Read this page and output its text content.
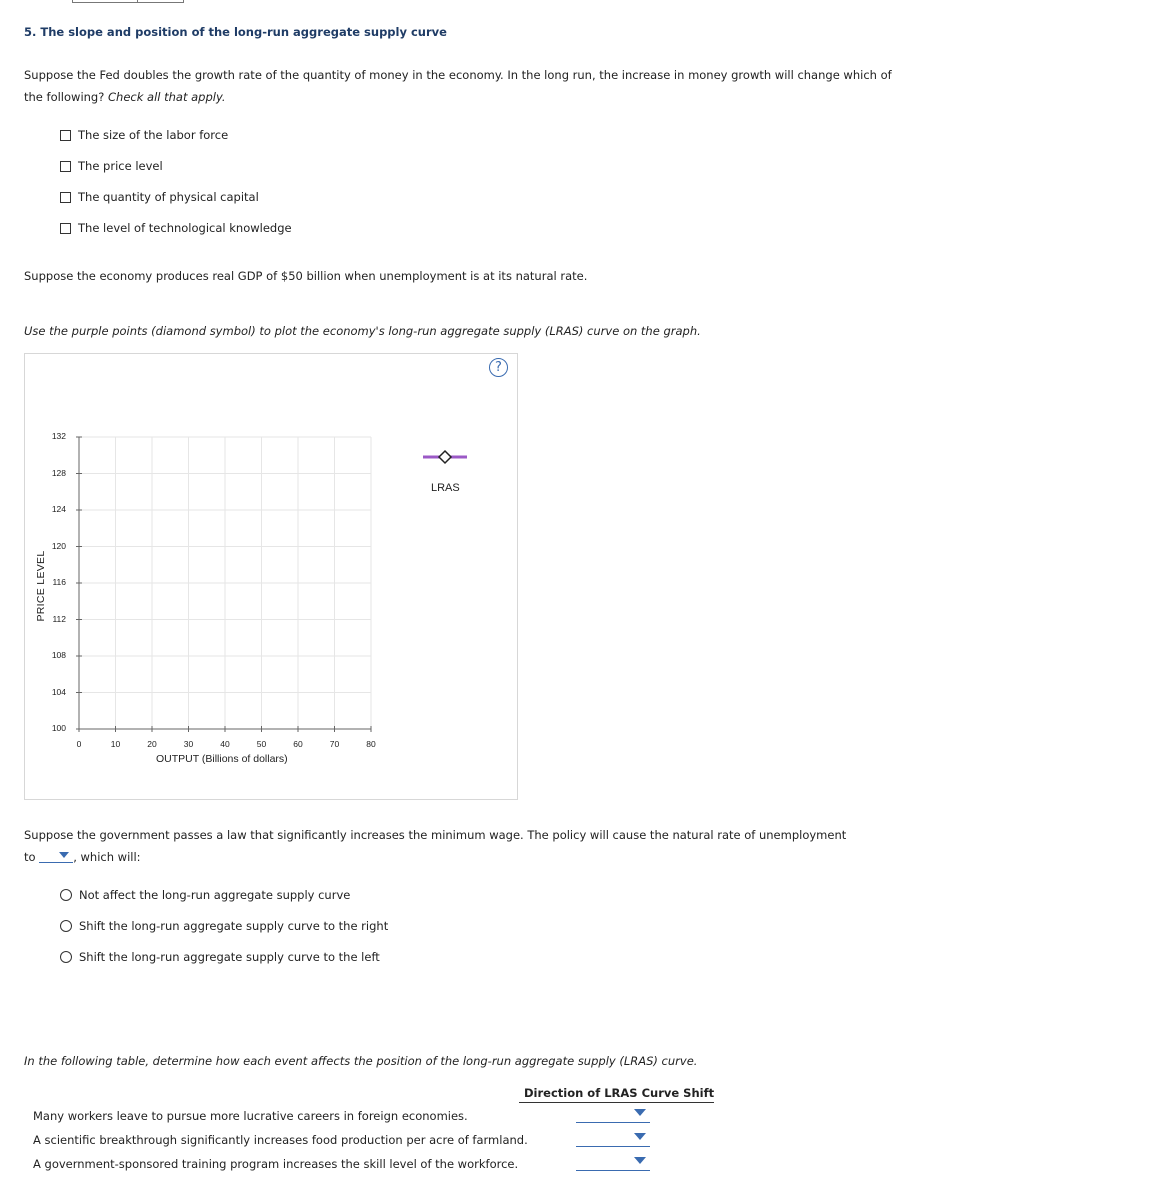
5. The slope and position of the long-run aggregate supply curve
Suppose the Fed doubles the growth rate of the quantity of money in the economy. In the long run, the increase in money growth will change which of
the following? Check all that apply.
The size of the labor force
The price level
The quantity of physical capital
The level of technological knowledge
Suppose the economy produces real GDP of $50 billion when unemployment is at its natural rate.
Use the purple points (diamond symbol) to plot the economy's long-run aggregate supply (LRAS) curve on the graph.
?
PRICE LEVEL
132
128
124
120
116
112
108
104
100
0	10	20	30	40	50	60	70	80
OUTPUT (Billions of dollars)
LRAS
Suppose the government passes a law that significantly increases the minimum wage. The policy will cause the natural rate of unemployment
to	, which will:
Not affect the long-run aggregate supply curve
Shift the long-run aggregate supply curve to the right
Shift the long-run aggregate supply curve to the left
In the following table, determine how each event affects the position of the long-run aggregate supply (LRAS) curve.
Direction of LRAS Curve Shift
Many workers leave to pursue more lucrative careers in foreign economies.
A scientific breakthrough significantly increases food production per acre of farmland.
A government-sponsored training program increases the skill level of the workforce.
